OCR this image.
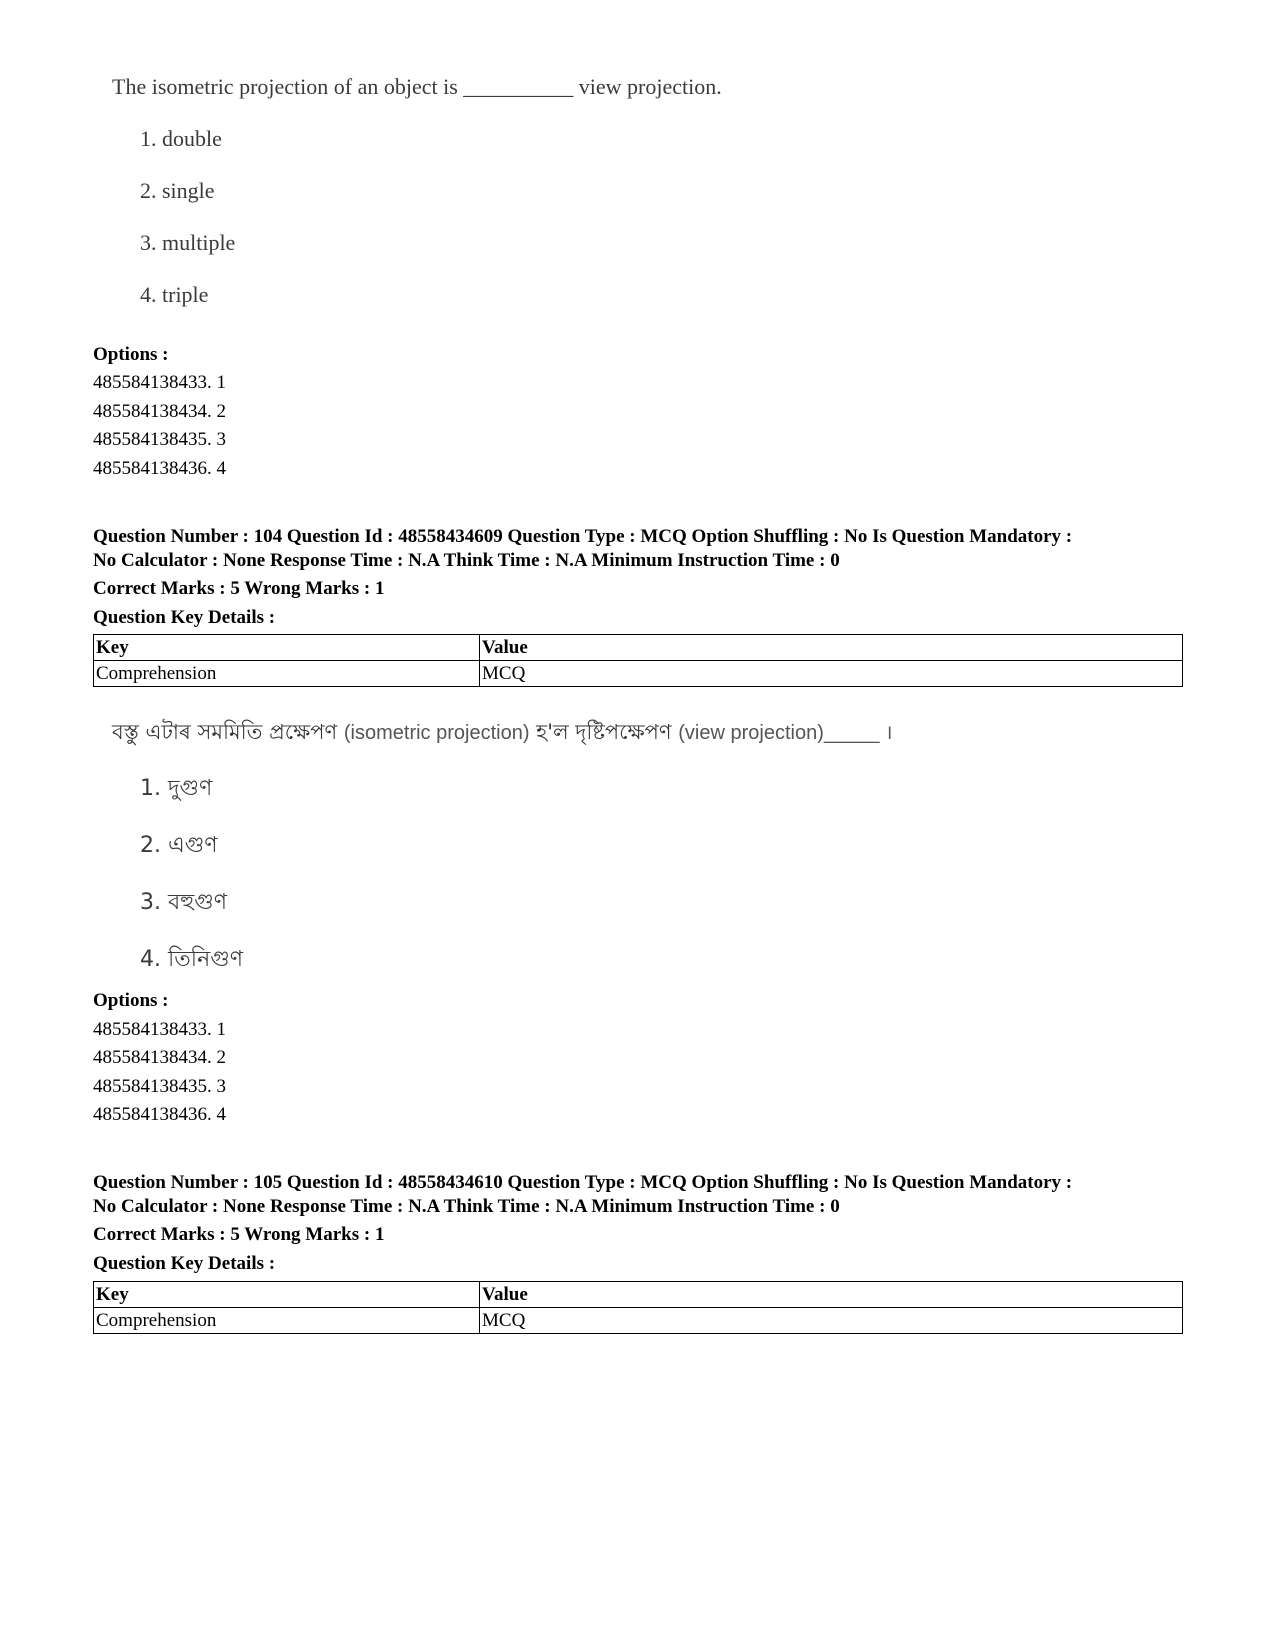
The isometric projection of an object is __________ view projection.
1. double
2. single
3. multiple
4. triple
Options :
485584138433. 1
485584138434. 2
485584138435. 3
485584138436. 4
Question Number : 104 Question Id : 48558434609 Question Type : MCQ Option Shuffling : No Is Question Mandatory :
No Calculator : None Response Time : N.A Think Time : N.A Minimum Instruction Time : 0
Correct Marks : 5 Wrong Marks : 1
Question Key Details :
Key	Value
Comprehension	MCQ
বস্তু এটাৰ সমমিতি প্ৰক্ষেপণ (isometric projection) হ'ল দৃষ্টিপক্ষেপণ (view projection)_____ ।
1. দুগুণ
2. এগুণ
3. বহুগুণ
4. তিনিগুণ
Options :
485584138433. 1
485584138434. 2
485584138435. 3
485584138436. 4
Question Number : 105 Question Id : 48558434610 Question Type : MCQ Option Shuffling : No Is Question Mandatory :
No Calculator : None Response Time : N.A Think Time : N.A Minimum Instruction Time : 0
Correct Marks : 5 Wrong Marks : 1
Question Key Details :
Key	Value
Comprehension	MCQ
